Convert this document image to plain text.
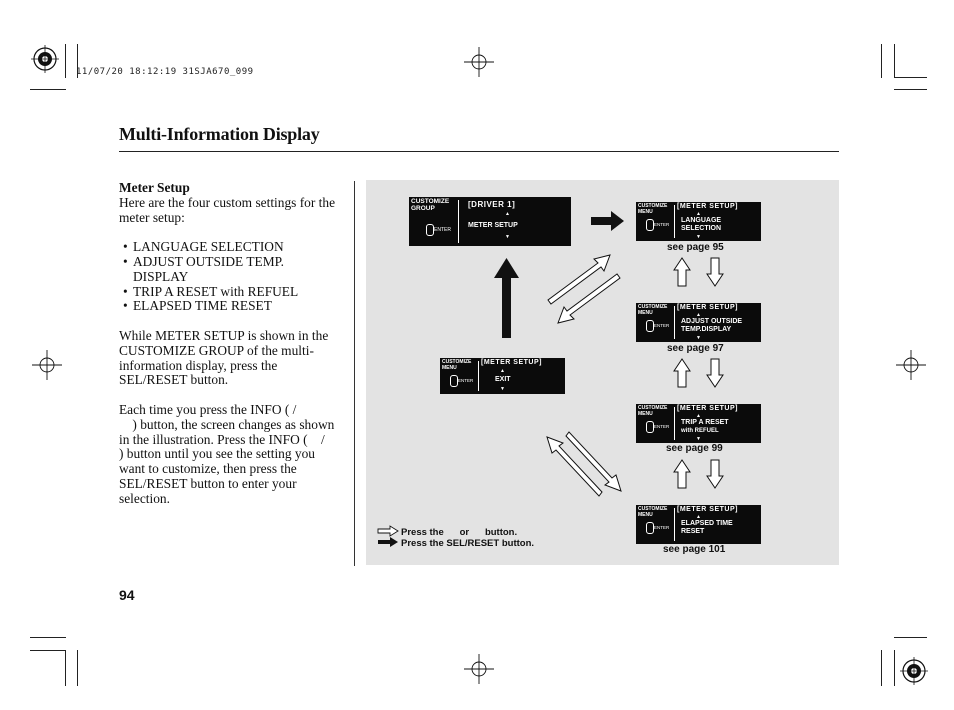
11/07/20 18:12:19 31SJA670_099
Multi-Information Display

Meter Setup

Here are the four custom settings for the meter setup:

• LANGUAGE SELECTION
• ADJUST OUTSIDE TEMP. DISPLAY
• TRIP A RESET with REFUEL
• ELAPSED TIME RESET

While METER SETUP is shown in the CUSTOMIZE GROUP of the multi-information display, press the SEL/RESET button.

Each time you press the INFO ( /

) button, the screen changes as shown in the illustration. Press the INFO (    /    ) button until you see the setting you want to customize, then press the SEL/RESET button to enter your selection.

94
CUSTOMIZE GROUP
ENTER
[DRIVER 1]
▲
METER SETUP
▼
CUSTOMIZE MENU
ENTER
[METER SETUP]
▲
EXIT
▼
CUSTOMIZE MENU
ENTER
[METER SETUP]
▲
LANGUAGE
SELECTION
▼
see page 95
CUSTOMIZE MENU
ENTER
[METER SETUP]
▲
ADJUST OUTSIDE
TEMP.DISPLAY
▼
see page 97
CUSTOMIZE MENU
ENTER
[METER SETUP]
▲
TRIP A RESET
with REFUEL
▼
see page 99
CUSTOMIZE MENU
ENTER
[METER SETUP]
▲
ELAPSED TIME
RESET
see page 101
Press the      or      button.
Press the SEL/RESET button.
